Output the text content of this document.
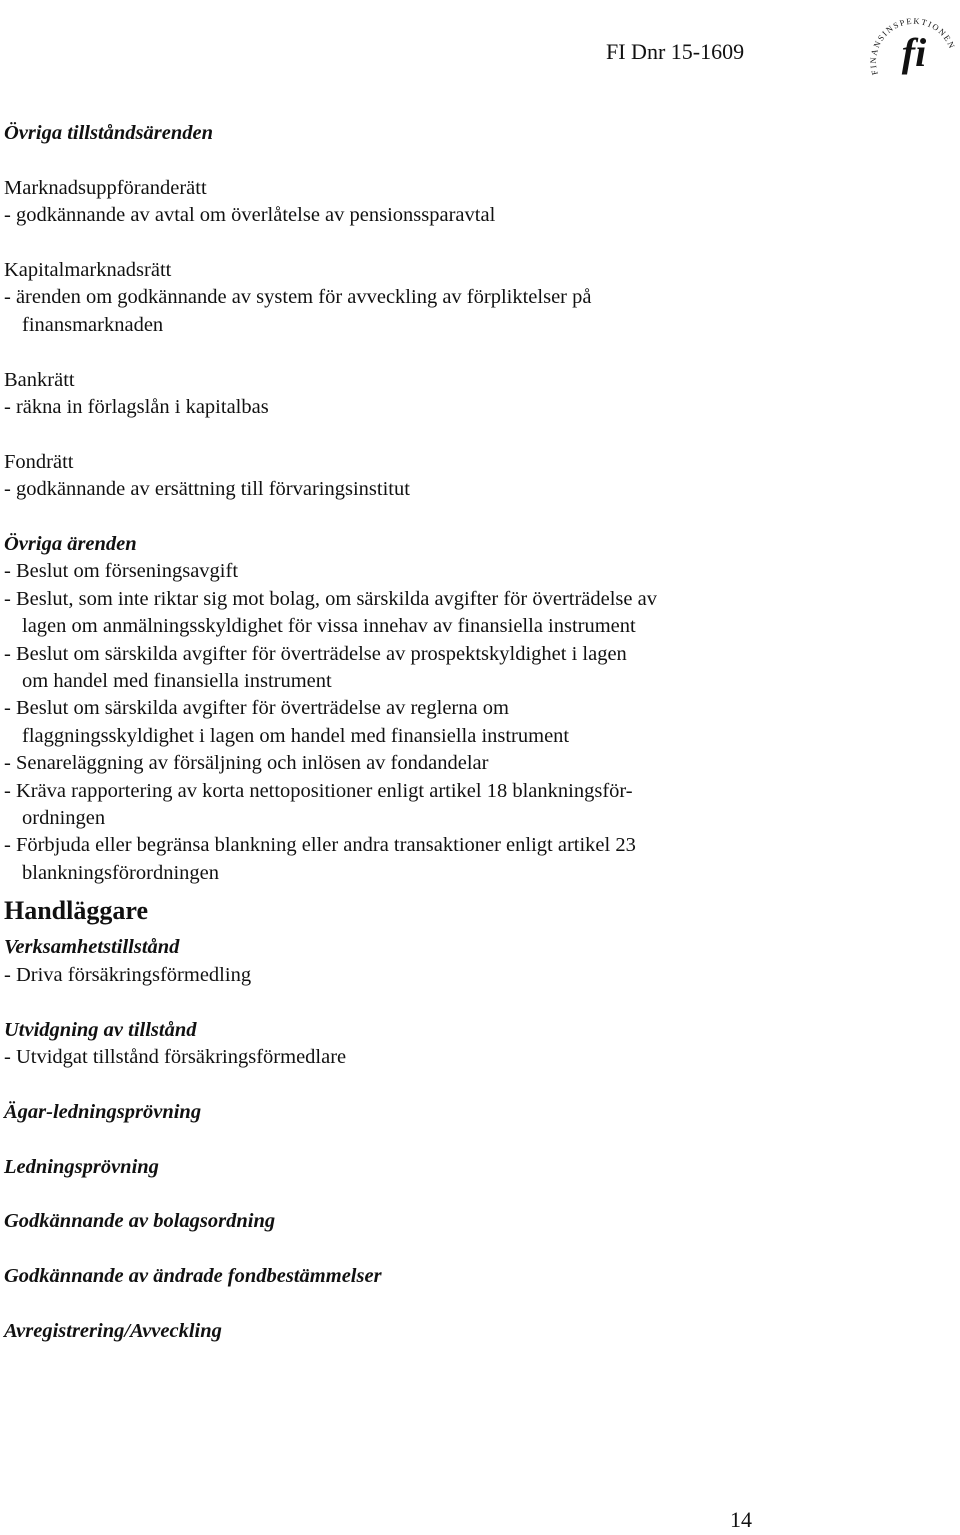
FI Dnr 15-1609
FINANSINSPEKTIONEN
fi
Övriga tillståndsärenden
Marknadsuppföranderätt
- godkännande av avtal om överlåtelse av pensionssparavtal
Kapitalmarknadsrätt
- ärenden om godkännande av system för avveckling av förpliktelser på
finansmarknaden
Bankrätt
- räkna in förlagslån i kapitalbas
Fondrätt
- godkännande av ersättning till förvaringsinstitut
Övriga ärenden
- Beslut om förseningsavgift
- Beslut, som inte riktar sig mot bolag, om särskilda avgifter för överträdelse av
lagen om anmälningsskyldighet för vissa innehav av finansiella instrument
- Beslut om särskilda avgifter för överträdelse av prospektskyldighet i lagen
om handel med finansiella instrument
- Beslut om särskilda avgifter för överträdelse av reglerna om
flaggningsskyldighet i lagen om handel med finansiella instrument
- Senareläggning av försäljning och inlösen av fondandelar
- Kräva rapportering av korta nettopositioner enligt artikel 18 blankningsför-
ordningen
- Förbjuda eller begränsa blankning eller andra transaktioner enligt artikel 23
blankningsförordningen
Handläggare
Verksamhetstillstånd
- Driva försäkringsförmedling
Utvidgning av tillstånd
- Utvidgat tillstånd försäkringsförmedlare
Ägar-ledningsprövning
Ledningsprövning
Godkännande av bolagsordning
Godkännande av ändrade fondbestämmelser
Avregistrering/Avveckling
14
